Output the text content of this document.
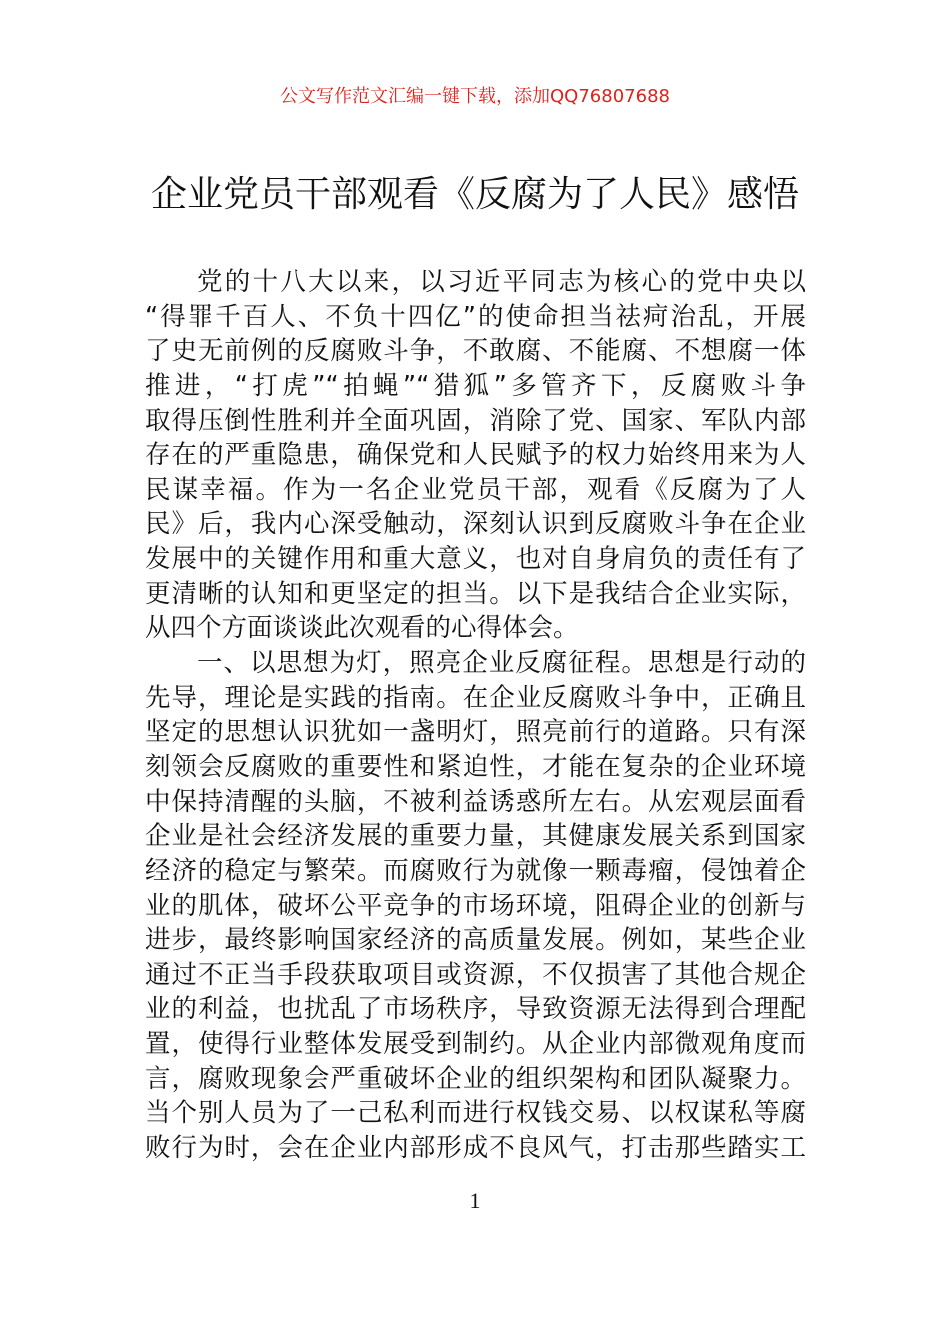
公文写作范文汇编一键下载，添加QQ76807688
企业党员干部观看《反腐为了人民》感悟
党的十八大以来，以习近平同志为核心的党中央以
“得罪千百人、不负十四亿”的使命担当祛疴治乱，开展
了史无前例的反腐败斗争，不敢腐、不能腐、不想腐一体
推进，“打虎”“拍蝇”“猎狐”多管齐下，反腐败斗争
取得压倒性胜利并全面巩固，消除了党、国家、军队内部
存在的严重隐患，确保党和人民赋予的权力始终用来为人
民谋幸福。作为一名企业党员干部，观看《反腐为了人
民》后，我内心深受触动，深刻认识到反腐败斗争在企业
发展中的关键作用和重大意义，也对自身肩负的责任有了
更清晰的认知和更坚定的担当。以下是我结合企业实际，
从四个方面谈谈此次观看的心得体会。
一、以思想为灯，照亮企业反腐征程。思想是行动的
先导，理论是实践的指南。在企业反腐败斗争中，正确且
坚定的思想认识犹如一盏明灯，照亮前行的道路。只有深
刻领会反腐败的重要性和紧迫性，才能在复杂的企业环境
中保持清醒的头脑，不被利益诱惑所左右。从宏观层面看
企业是社会经济发展的重要力量，其健康发展关系到国家
经济的稳定与繁荣。而腐败行为就像一颗毒瘤，侵蚀着企
业的肌体，破坏公平竞争的市场环境，阻碍企业的创新与
进步，最终影响国家经济的高质量发展。例如，某些企业
通过不正当手段获取项目或资源，不仅损害了其他合规企
业的利益，也扰乱了市场秩序，导致资源无法得到合理配
置，使得行业整体发展受到制约。从企业内部微观角度而
言，腐败现象会严重破坏企业的组织架构和团队凝聚力。
当个别人员为了一己私利而进行权钱交易、以权谋私等腐
败行为时，会在企业内部形成不良风气，打击那些踏实工
1
